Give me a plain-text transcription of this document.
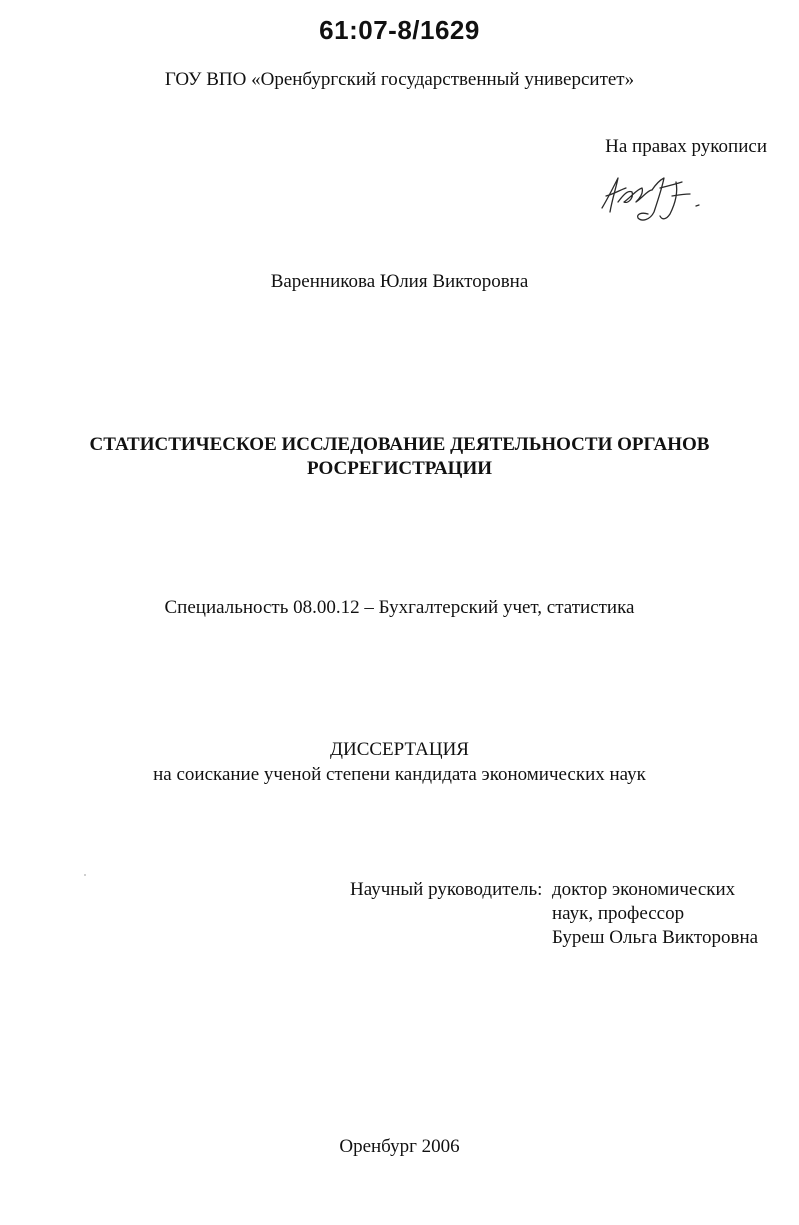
61:07-8/1629
ГОУ ВПО «Оренбургский государственный университет»
На правах рукописи
Варенникова Юлия Викторовна
СТАТИСТИЧЕСКОЕ ИССЛЕДОВАНИЕ ДЕЯТЕЛЬНОСТИ ОРГАНОВ
РОСРЕГИСТРАЦИИ
Специальность 08.00.12 – Бухгалтерский учет, статистика
ДИССЕРТАЦИЯ
на соискание ученой степени кандидата экономических наук
Научный руководитель: доктор экономических
наук, профессор
Буреш Ольга Викторовна
Оренбург 2006
